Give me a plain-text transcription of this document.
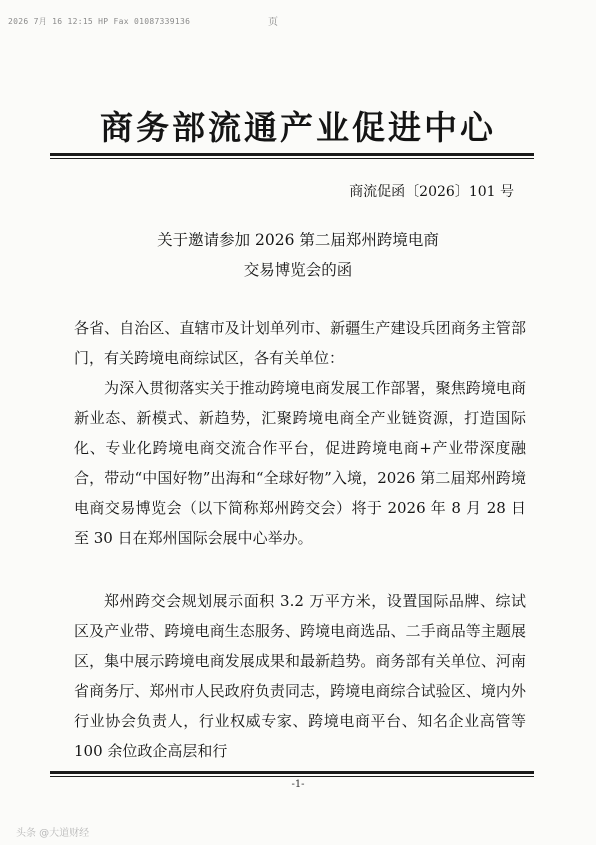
2026 7月 16 12:15 HP Fax 01087339136	页
商务部流通产业促进中心
商流促函〔2026〕101 号
关于邀请参加 2026 第二届郑州跨境电商
交易博览会的函

各省、自治区、直辖市及计划单列市、新疆生产建设兵团商务主管部门，有关跨境电商综试区，各有关单位：

为深入贯彻落实关于推动跨境电商发展工作部署，聚焦跨境电商新业态、新模式、新趋势，汇聚跨境电商全产业链资源，打造国际化、专业化跨境电商交流合作平台，促进跨境电商+产业带深度融合，带动“中国好物”出海和“全球好物”入境，2026 第二届郑州跨境电商交易博览会（以下简称郑州跨交会）将于 2026 年 8 月 28 日至 30 日在郑州国际会展中心举办。

郑州跨交会规划展示面积 3.2 万平方米，设置国际品牌、综试区及产业带、跨境电商生态服务、跨境电商选品、二手商品等主题展区，集中展示跨境电商发展成果和最新趋势。商务部有关单位、河南省商务厅、郑州市人民政府负责同志，跨境电商综合试验区、境内外行业协会负责人，行业权威专家、跨境电商平台、知名企业高管等 100 余位政企高层和行

-1-
头条 @大道财经
